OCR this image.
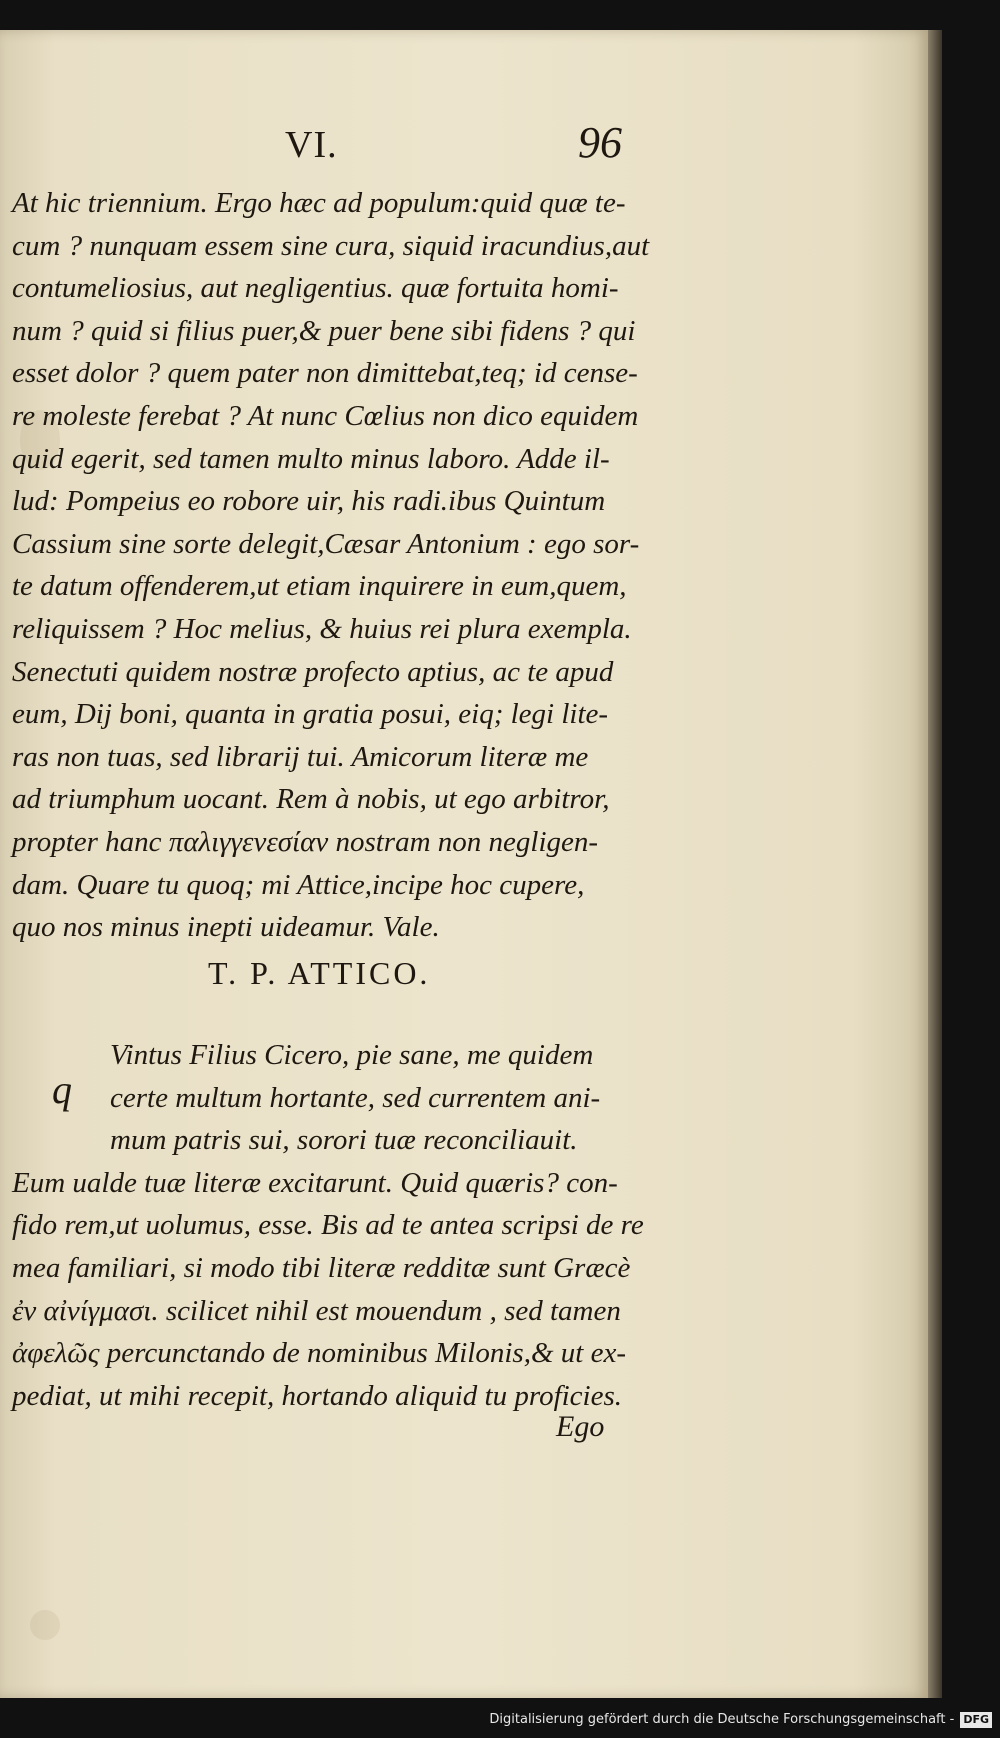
VI.	96
At hic triennium. Ergo hæc ad populum:quid quæ te-
cum ? nunquam essem sine cura, siquid iracundius,aut
contumeliosius, aut negligentius. quæ fortuita homi-
num ? quid si filius puer,& puer bene sibi fidens ? qui
esset dolor ? quem pater non dimittebat,teq; id cense-
re moleste ferebat ? At nunc Cœlius non dico equidem
quid egerit, sed tamen multo minus laboro. Adde il-
lud: Pompeius eo robore uir, his radi.ibus Quintum
Cassium sine sorte delegit,Cæsar Antonium : ego sor-
te datum offenderem,ut etiam inquirere in eum,quem,
reliquissem ? Hoc melius, & huius rei plura exempla.
Senectuti quidem nostræ profecto aptius, ac te apud
eum, Dij boni, quanta in gratia posui, eiq; legi lite-
ras non tuas, sed librarij tui. Amicorum literæ me
ad triumphum uocant. Rem à nobis, ut ego arbitror,
propter hanc παλιγγενεσίαν nostram non negligen-
dam. Quare tu quoq; mi Attice,incipe hoc cupere,
quo nos minus inepti uideamur. Vale.
T. P. ATTICO.
q
Vintus Filius Cicero, pie sane, me quidem
certe multum hortante, sed currentem ani-
mum patris sui, sorori tuæ reconciliauit.
Eum ualde tuæ literæ excitarunt. Quid quæris? con-
fido rem,ut uolumus, esse. Bis ad te antea scripsi de re
mea familiari, si modo tibi literæ redditæ sunt Græcè
ἐν αἰνίγμασι. scilicet nihil est mouendum , sed tamen
ἀφελῶς percunctando de nominibus Milonis,& ut ex-
pediat, ut mihi recepit, hortando aliquid tu proficies.
Ego
Digitalisierung gefördert durch die Deutsche Forschungsgemeinschaft - DFG
